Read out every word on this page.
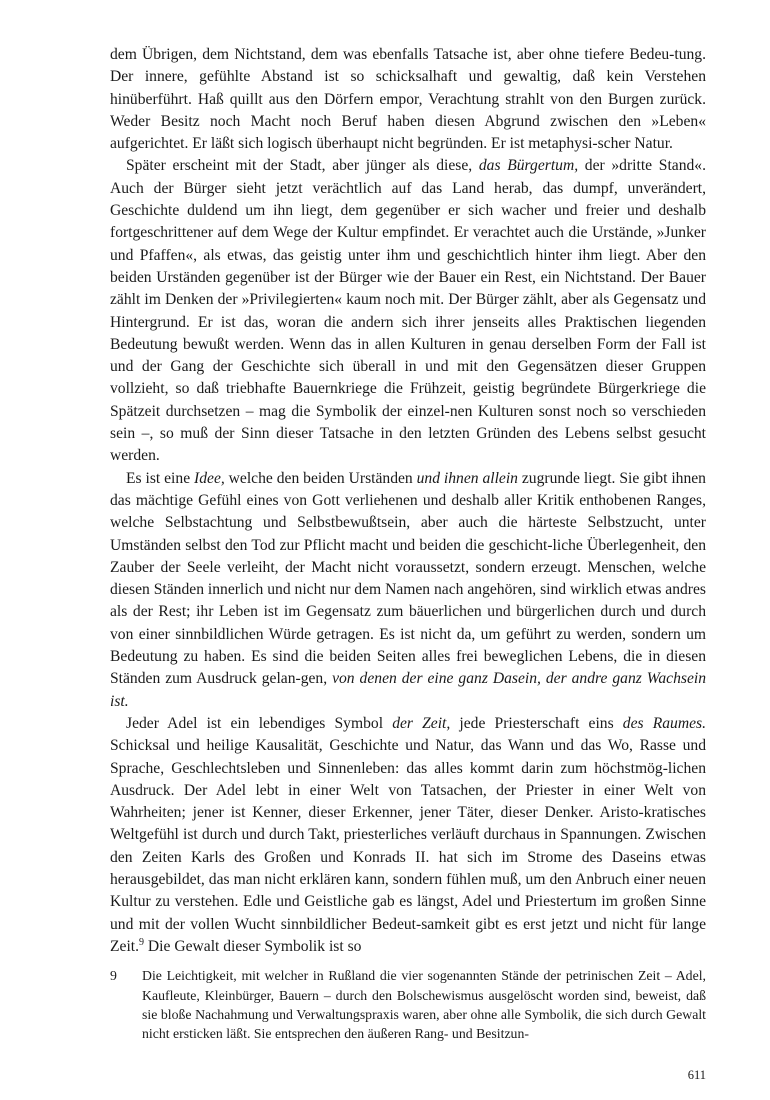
dem Übrigen, dem Nichtstand, dem was ebenfalls Tatsache ist, aber ohne tiefere Bedeu-tung. Der innere, gefühlte Abstand ist so schicksalhaft und gewaltig, daß kein Verstehen hinüberführt. Haß quillt aus den Dörfern empor, Verachtung strahlt von den Burgen zurück. Weder Besitz noch Macht noch Beruf haben diesen Abgrund zwischen den »Leben« aufgerichtet. Er läßt sich logisch überhaupt nicht begründen. Er ist metaphysi-scher Natur.

Später erscheint mit der Stadt, aber jünger als diese, das Bürgertum, der »dritte Stand«. Auch der Bürger sieht jetzt verächtlich auf das Land herab, das dumpf, unverändert, Geschichte duldend um ihn liegt, dem gegenüber er sich wacher und freier und deshalb fortgeschrittener auf dem Wege der Kultur empfindet. Er verachtet auch die Urstände, »Junker und Pfaffen«, als etwas, das geistig unter ihm und geschichtlich hinter ihm liegt. Aber den beiden Urständen gegenüber ist der Bürger wie der Bauer ein Rest, ein Nichtstand. Der Bauer zählt im Denken der »Privilegierten« kaum noch mit. Der Bürger zählt, aber als Gegensatz und Hintergrund. Er ist das, woran die andern sich ihrer jenseits alles Praktischen liegenden Bedeutung bewußt werden. Wenn das in allen Kulturen in genau derselben Form der Fall ist und der Gang der Geschichte sich überall in und mit den Gegensätzen dieser Gruppen vollzieht, so daß triebhafte Bauernkriege die Frühzeit, geistig begründete Bürgerkriege die Spätzeit durchsetzen – mag die Symbolik der einzel-nen Kulturen sonst noch so verschieden sein –, so muß der Sinn dieser Tatsache in den letzten Gründen des Lebens selbst gesucht werden.

Es ist eine Idee, welche den beiden Urständen und ihnen allein zugrunde liegt. Sie gibt ihnen das mächtige Gefühl eines von Gott verliehenen und deshalb aller Kritik enthobenen Ranges, welche Selbstachtung und Selbstbewußtsein, aber auch die härteste Selbstzucht, unter Umständen selbst den Tod zur Pflicht macht und beiden die geschicht-liche Überlegenheit, den Zauber der Seele verleiht, der Macht nicht voraussetzt, sondern erzeugt. Menschen, welche diesen Ständen innerlich und nicht nur dem Namen nach angehören, sind wirklich etwas andres als der Rest; ihr Leben ist im Gegensatz zum bäuerlichen und bürgerlichen durch und durch von einer sinnbildlichen Würde getragen. Es ist nicht da, um geführt zu werden, sondern um Bedeutung zu haben. Es sind die beiden Seiten alles frei beweglichen Lebens, die in diesen Ständen zum Ausdruck gelan-gen, von denen der eine ganz Dasein, der andre ganz Wachsein ist.

Jeder Adel ist ein lebendiges Symbol der Zeit, jede Priesterschaft eins des Raumes. Schicksal und heilige Kausalität, Geschichte und Natur, das Wann und das Wo, Rasse und Sprache, Geschlechtsleben und Sinnenleben: das alles kommt darin zum höchstmög-lichen Ausdruck. Der Adel lebt in einer Welt von Tatsachen, der Priester in einer Welt von Wahrheiten; jener ist Kenner, dieser Erkenner, jener Täter, dieser Denker. Aristo-kratisches Weltgefühl ist durch und durch Takt, priesterliches verläuft durchaus in Spannungen. Zwischen den Zeiten Karls des Großen und Konrads II. hat sich im Strome des Daseins etwas herausgebildet, das man nicht erklären kann, sondern fühlen muß, um den Anbruch einer neuen Kultur zu verstehen. Edle und Geistliche gab es längst, Adel und Priestertum im großen Sinne und mit der vollen Wucht sinnbildlicher Bedeut-samkeit gibt es erst jetzt und nicht für lange Zeit.$^9$ Die Gewalt dieser Symbolik ist so

9	Die Leichtigkeit, mit welcher in Rußland die vier sogenannten Stände der petrinischen Zeit – Adel, Kaufleute, Kleinbürger, Bauern – durch den Bolschewismus ausgelöscht worden sind, beweist, daß sie bloße Nachahmung und Verwaltungspraxis waren, aber ohne alle Symbolik, die sich durch Gewalt nicht ersticken läßt. Sie entsprechen den äußeren Rang- und Besitzun-
611
